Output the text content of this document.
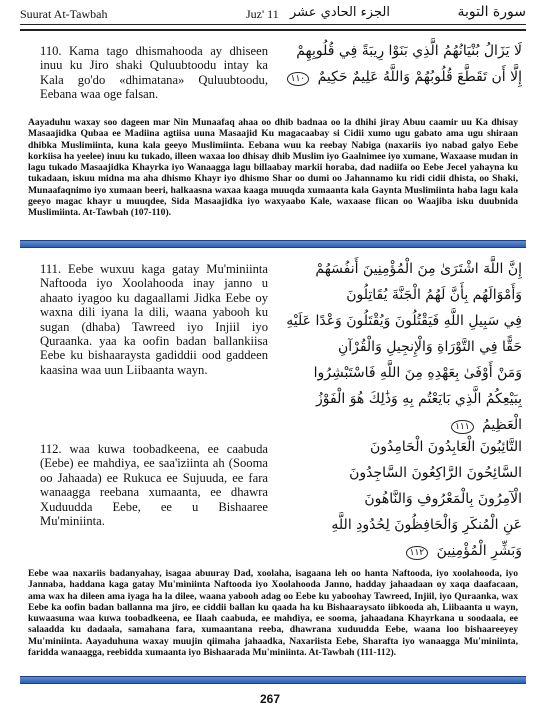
Suurat At-Tawbah	Juz' 11 الجزء الحادي عشر	سورة التوبة
110. Kama tago dhismahooda ay dhiseen inuu ku Jiro shaki Quluubtoodu intay ka Kala go'do «dhimatana» Quluubtoodu, Eebana waa oge falsan.
لَا يَزَالُ بُنْيَانُهُمُ الَّذِي بَنَوْا رِيبَةً فِي قُلُوبِهِمْ
إِلَّا أَن تَقَطَّعَ قُلُوبُهُمْ وَاللَّهُ عَلِيمٌ حَكِيمٌ ١١٠
Aayaduhu waxay soo dageen mar Nin Munaafaq ahaa oo dhib badnaa oo la dhihi jiray Abuu caamir uu Ka dhisay Masaajidka Qubaa ee Madiina agtiisa uuna Masaajid Ku magacaabay si Cidii xumo ugu gabato ama ugu shiraan dhibka Muslimiinta, kuna kala geeyo Muslimiinta. Eebana wuu ka reebay Nabiga (naxariis iyo nabad galyo Eebe korkiisa ha yeelee) inuu ku tukado, illeen waxaa loo dhisay dhib Muslim iyo Gaalnimee iyo xumane, Waxaase mudan in lagu tukado Masaajidka Khayrka iyo Wanaagga lagu billaabay markii horaba, dad nadiifa oo Eebe Jecel yahayna ku tukadaan, iskuu midna ma aha dhismo Khayr iyo dhismo Shar oo dumi oo Jahannamo ku ridi cidii dhista, oo Shaki, Munaafaqnimo iyo xumaan beeri, halkaasna waxaa kaaga muuqda xumaanta kala Gaynta Muslimiinta haba lagu kala geeyo magac khayr u muuqdee, Sida Masaajidka iyo waxyaabo Kale, waxaase fiican oo Waajiba isku duubnida Muslimiinta. At-Tawbah (107-110).
111. Eebe wuxuu kaga gatay Mu'miniinta Naftooda iyo Xoolahooda inay janno u ahaato iyagoo ku dagaallami Jidka Eebe oy waxna dili iyana la dili, waana yabooh ku sugan (dhaba) Tawreed iyo Injiil iyo Quraanka. yaa ka oofin badan ballankiisa Eebe ku bishaaraysta gadiddii ood gaddeen kaasina waa uun Liibaanta wayn.
إِنَّ اللَّهَ اشْتَرَىٰ مِنَ الْمُؤْمِنِينَ أَنفُسَهُمْ
وَأَمْوَالَهُم بِأَنَّ لَهُمُ الْجَنَّةَ يُقَاتِلُونَ
فِي سَبِيلِ اللَّهِ فَيَقْتُلُونَ وَيُقْتَلُونَ وَعْدًا عَلَيْهِ
حَقًّا فِي التَّوْرَاةِ وَالْإِنجِيلِ وَالْقُرْآنِ
وَمَنْ أَوْفَىٰ بِعَهْدِهِ مِنَ اللَّهِ فَاسْتَبْشِرُوا
بِبَيْعِكُمُ الَّذِي بَايَعْتُم بِهِ وَذَٰلِكَ هُوَ الْفَوْزُ
الْعَظِيمُ ١١١
112. waa kuwa toobadkeena, ee caabuda (Eebe) ee mahdiya, ee saa'iziinta ah (Sooma oo Jahaada) ee Rukuca ee Sujuuda, ee fara wanaagga reebana xumaanta, ee dhawra Xuduudda Eebe, ee u Bishaaree Mu'miniinta.
التَّائِبُونَ الْعَابِدُونَ الْحَامِدُونَ
السَّائِحُونَ الرَّاكِعُونَ السَّاجِدُونَ
الْآمِرُونَ بِالْمَعْرُوفِ وَالنَّاهُونَ
عَنِ الْمُنكَرِ وَالْحَافِظُونَ لِحُدُودِ اللَّهِ
وَبَشِّرِ الْمُؤْمِنِينَ ١١٢
Eebe waa naxariis badanyahay, isagaa abuuray Dad, xoolaha, isagaana leh oo hanta Naftooda, iyo xoolahooda, iyo Jannaba, haddana kaga gatay Mu'miniinta Naftooda iyo Xoolahooda Janno, hadday jahaadaan oy xaqa daafacaan, ama wax ha dileen ama iyaga ha la dilee, waana yabooh adag oo Eebe ku yaboohay Tawreed, Injiil, iyo Quraanka, wax Eebe ka oofin badan ballanna ma jiro, ee ciddii ballan ku qaada ha ku Bishaaraysato iibkooda ah, Liibaanta u wayn, kuwaasuna waa kuwa toobadkeena, ee Ilaah caabuda, ee mahdiya, ee sooma, jahaadana Khayrkana u soodaala, ee salaadda ku dadaala, samahana fara, xumaantana reeba, dhawrana xuduudda Eebe, waana loo bishaareeyey Mu'miniinta. Aayaduhuna waxay muujin qiimaha jahaadka, Naxariista Eebe, Sharafta iyo wanaagga Mu'miniinta, faridda wanaagga, reebidda xumaanta iyo Bishaarada Mu'miniinta. At-Tawbah (111-112).
267
